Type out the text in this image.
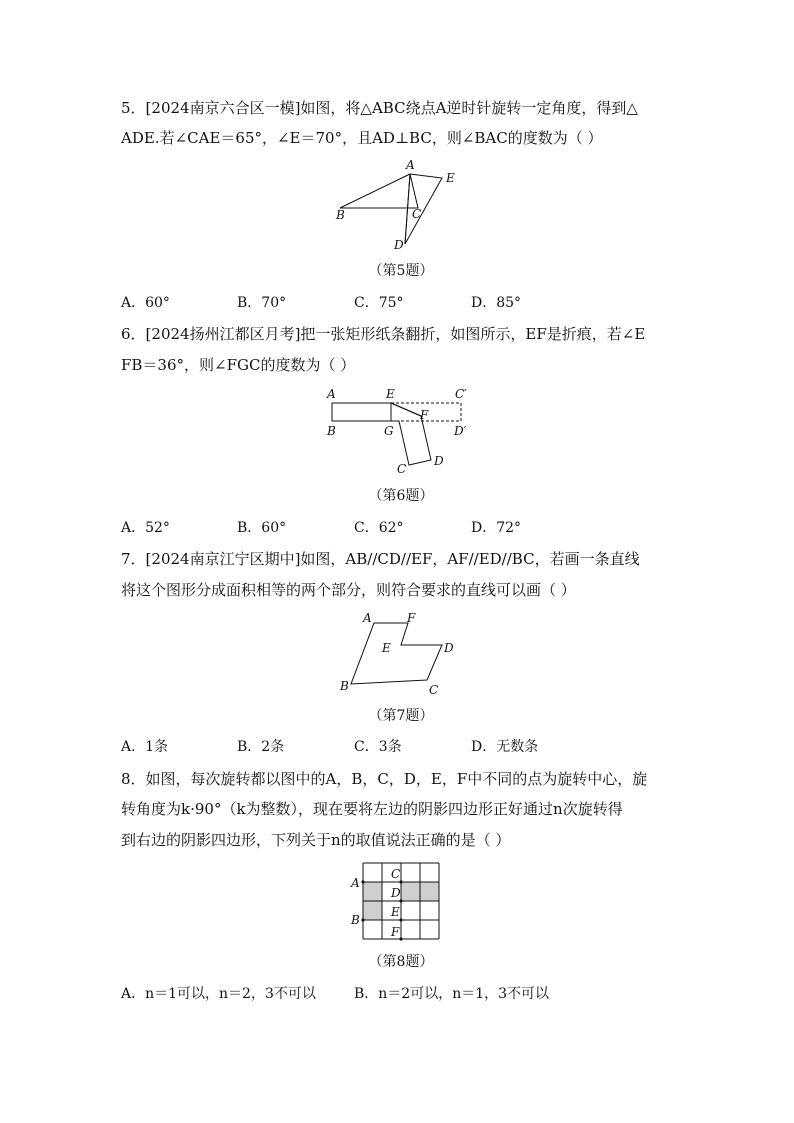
5．[2024南京六合区一模]如图，将△ABC绕点A逆时针旋转一定角度，得到△
ADE.若∠CAE＝65°，∠E＝70°，且AD⊥BC，则∠BAC的度数为（ ）
A
E
B	C
D
（第5题）
A．60°	B．70°	C．75°	D．85°
6．[2024扬州江都区月考]把一张矩形纸条翻折，如图所示，EF是折痕，若∠E
FB＝36°，则∠FGC的度数为（ ）
A	E	C′
F
B	G	D′
D
C
（第6题）
A．52°	B．60°	C．62°	D．72°
7．[2024南京江宁区期中]如图，AB//CD//EF，AF//ED//BC，若画一条直线
将这个图形分成面积相等的两个部分，则符合要求的直线可以画（ ）
A	F
E	D
B	C
（第7题）
A．1条	B．2条	C．3条	D．无数条
8．如图，每次旋转都以图中的A，B，C，D，E，F中不同的点为旋转中心，旋
转角度为k·90°（k为整数），现在要将左边的阴影四边形正好通过n次旋转得
到右边的阴影四边形，下列关于n的取值说法正确的是（ ）
A
B
C
D
E
F
（第8题）
A．n＝1可以，n＝2，3不可以	B．n＝2可以，n＝1，3不可以
